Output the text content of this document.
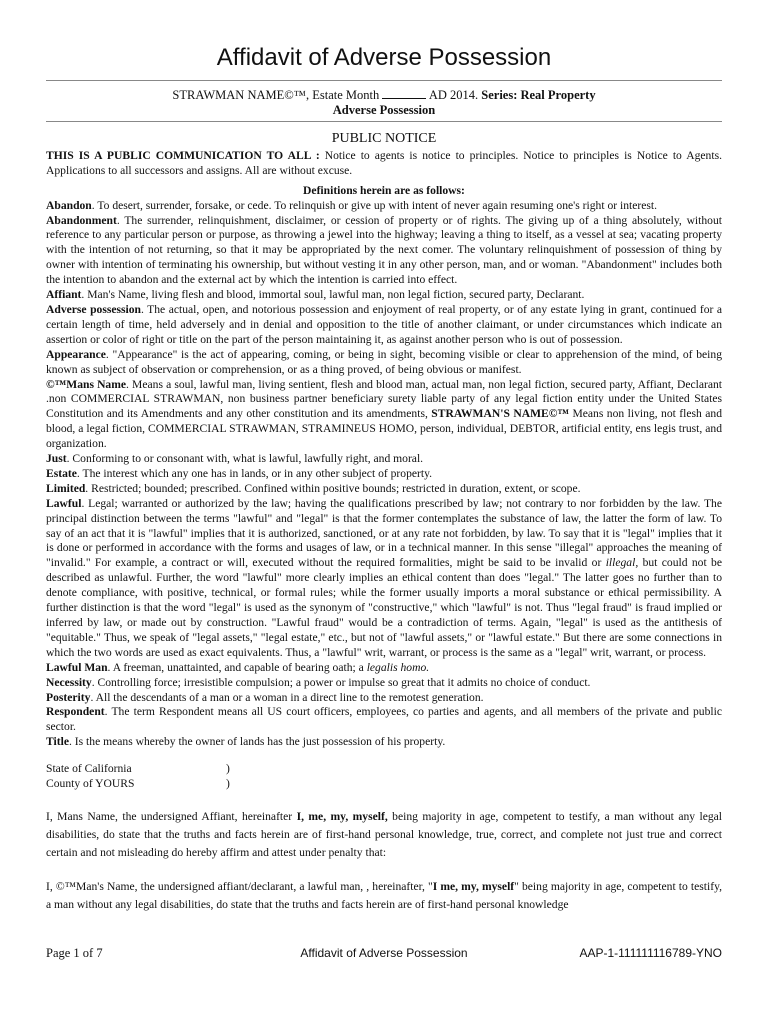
Affidavit of Adverse Possession
STRAWMAN NAME©™, Estate Month	AD 2014. Series: Real Property
Adverse Possession

PUBLIC NOTICE

THIS IS A PUBLIC COMMUNICATION TO ALL : Notice to agents is notice to principles. Notice to principles is Notice to Agents. Applications to all successors and assigns. All are without excuse.

Definitions herein are as follows:

Abandon. To desert, surrender, forsake, or cede. To relinquish or give up with intent of never again resuming one's right or interest.

Abandonment. The surrender, relinquishment, disclaimer, or cession of property or of rights. The giving up of a thing absolutely, without reference to any particular person or purpose, as throwing a jewel into the highway; leaving a thing to itself, as a vessel at sea; vacating property with the intention of not returning, so that it may be appropriated by the next comer. The voluntary relinquishment of possession of thing by owner with intention of terminating his ownership, but without vesting it in any other person, man, and or woman. "Abandonment" includes both the intention to abandon and the external act by which the intention is carried into effect.

Affiant. Man's Name, living flesh and blood, immortal soul, lawful man, non legal fiction, secured party, Declarant.

Adverse possession. The actual, open, and notorious possession and enjoyment of real property, or of any estate lying in grant, continued for a certain length of time, held adversely and in denial and opposition to the title of another claimant, or under circumstances which indicate an assertion or color of right or title on the part of the person maintaining it, as against another person who is out of possession.

Appearance. "Appearance" is the act of appearing, coming, or being in sight, becoming visible or clear to apprehension of the mind, of being known as subject of observation or comprehension, or as a thing proved, of being obvious or manifest.

©™Mans Name. Means a soul, lawful man, living sentient, flesh and blood man, actual man, non legal fiction, secured party, Affiant, Declarant .non COMMERCIAL STRAWMAN, non business partner beneficiary surety liable party of any legal fiction entity under the United States Constitution and its Amendments and any other constitution and its amendments, STRAWMAN'S NAME©™ Means non living, not flesh and blood, a legal fiction, COMMERCIAL STRAWMAN, STRAMINEUS HOMO, person, individual, DEBTOR, artificial entity, ens legis trust, and organization.

Just. Conforming to or consonant with, what is lawful, lawfully right, and moral.

Estate. The interest which any one has in lands, or in any other subject of property.

Limited. Restricted; bounded; prescribed. Confined within positive bounds; restricted in duration, extent, or scope.

Lawful. Legal; warranted or authorized by the law; having the qualifications prescribed by law; not contrary to nor forbidden by the law. The principal distinction between the terms "lawful" and "legal" is that the former contemplates the substance of law, the latter the form of law. To say of an act that it is "lawful" implies that it is authorized, sanctioned, or at any rate not forbidden, by law. To say that it is "legal" implies that it is done or performed in accordance with the forms and usages of law, or in a technical manner. In this sense "illegal" approaches the meaning of "invalid." For example, a contract or will, executed without the required formalities, might be said to be invalid or illegal, but could not be described as unlawful. Further, the word "lawful" more clearly implies an ethical content than does "legal." The latter goes no further than to denote compliance, with positive, technical, or formal rules; while the former usually imports a moral substance or ethical permissibility. A further distinction is that the word "legal" is used as the synonym of "constructive," which "lawful" is not. Thus "legal fraud" is fraud implied or inferred by law, or made out by construction. "Lawful fraud" would be a contradiction of terms. Again, "legal" is used as the antithesis of "equitable." Thus, we speak of "legal assets," "legal estate," etc., but not of "lawful assets," or "lawful estate." But there are some connections in which the two words are used as exact equivalents. Thus, a "lawful" writ, warrant, or process is the same as a "legal" writ, warrant, or process.

Lawful Man. A freeman, unattainted, and capable of bearing oath; a legalis homo.

Necessity. Controlling force; irresistible compulsion; a power or impulse so great that it admits no choice of conduct.

Posterity. All the descendants of a man or a woman in a direct line to the remotest generation.

Respondent. The term Respondent means all US court officers, employees, co parties and agents, and all members of the private and public sector.

Title. Is the means whereby the owner of lands has the just possession of his property.

State of California	)
County of YOURS	)

I, Mans Name, the undersigned Affiant, hereinafter I, me, my, myself, being majority in age, competent to testify, a man without any legal disabilities, do state that the truths and facts herein are of first-hand personal knowledge, true, correct, and complete not just true and correct certain and not misleading do hereby affirm and attest under penalty that:

I, ©™Man's Name, the undersigned affiant/declarant, a lawful man, , hereinafter, "I me, my, myself" being majority in age, competent to testify, a man without any legal disabilities, do state that the truths and facts herein are of first-hand personal knowledge

Page 1 of 7	Affidavit of Adverse Possession	AAP-1-111111116789-YNO
